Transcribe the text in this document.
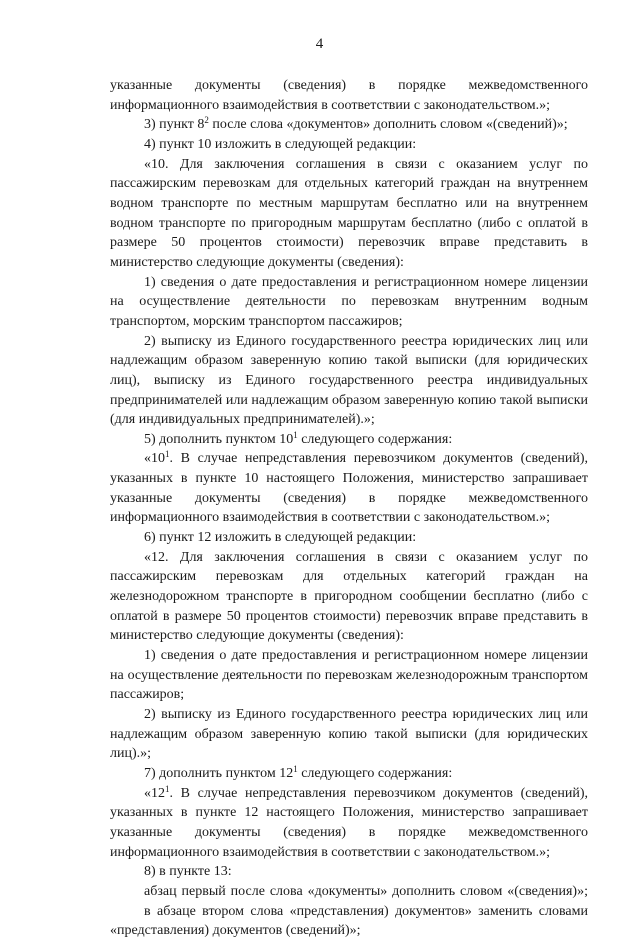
4

указанные документы (сведения) в порядке межведомственного информационного взаимодействия в соответствии с законодательством.»;

3) пункт $8^2$ после слова «документов» дополнить словом «(сведений)»;

4) пункт 10 изложить в следующей редакции:

«10. Для заключения соглашения в связи с оказанием услуг по пассажирским перевозкам для отдельных категорий граждан на внутреннем водном транспорте по местным маршрутам бесплатно или на внутреннем водном транспорте по пригородным маршрутам бесплатно (либо с оплатой в размере 50 процентов стоимости) перевозчик вправе представить в министерство следующие документы (сведения):

1) сведения о дате предоставления и регистрационном номере лицензии на осуществление деятельности по перевозкам внутренним водным транспортом, морским транспортом пассажиров;

2) выписку из Единого государственного реестра юридических лиц или надлежащим образом заверенную копию такой выписки (для юридических лиц), выписку из Единого государственного реестра индивидуальных предпринимателей или надлежащим образом заверенную копию такой выписки (для индивидуальных предпринимателей).»;

5) дополнить пунктом $10^1$ следующего содержания:

«$10^1$. В случае непредставления перевозчиком документов (сведений), указанных в пункте 10 настоящего Положения, министерство запрашивает указанные документы (сведения) в порядке межведомственного информационного взаимодействия в соответствии с законодательством.»;

6) пункт 12 изложить в следующей редакции:

«12. Для заключения соглашения в связи с оказанием услуг по пассажирским перевозкам для отдельных категорий граждан на железнодорожном транспорте в пригородном сообщении бесплатно (либо с оплатой в размере 50 процентов стоимости) перевозчик вправе представить в министерство следующие документы (сведения):

1) сведения о дате предоставления и регистрационном номере лицензии на осуществление деятельности по перевозкам железнодорожным транспортом пассажиров;

2) выписку из Единого государственного реестра юридических лиц или надлежащим образом заверенную копию такой выписки (для юридических лиц).»;

7) дополнить пунктом $12^1$ следующего содержания:

«$12^1$. В случае непредставления перевозчиком документов (сведений), указанных в пункте 12 настоящего Положения, министерство запрашивает указанные документы (сведения) в порядке межведомственного информационного взаимодействия в соответствии с законодательством.»;

8) в пункте 13:

абзац первый после слова «документы» дополнить словом «(сведения)»;

в абзаце втором слова «представления) документов» заменить словами «представления) документов (сведений)»;
